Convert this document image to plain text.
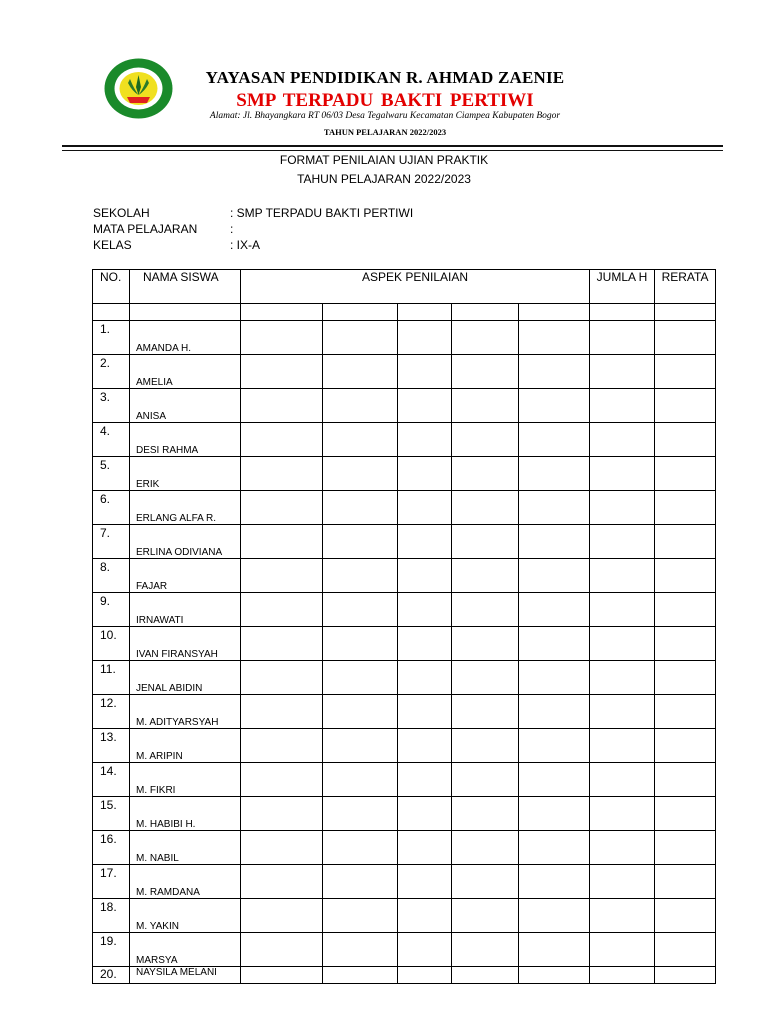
YAYASAN PENDIDIKAN R. AHMAD ZAENIE
SMP TERPADU BAKTI PERTIWI
Alamat: Jl. Bhayangkara RT 06/03 Desa Tegalwaru Kecamatan Ciampea Kabupaten Bogor
TAHUN PELAJARAN 2022/2023
FORMAT PENILAIAN UJIAN PRAKTIK
TAHUN PELAJARAN 2022/2023
SEKOLAH	: SMP TERPADU BAKTI PERTIWI
MATA PELAJARAN	:
KELAS	: IX-A
NO.	NAMA SISWA	ASPEK PENILAIAN					JUMLA H	RERATA

1.	AMANDA H.							
2.	AMELIA							
3.	ANISA							
4.	DESI RAHMA							
5.	ERIK							
6.	ERLANG ALFA R.							
7.	ERLINA ODIVIANA							
8.	FAJAR							
9.	IRNAWATI							
10.	IVAN FIRANSYAH							
11.	JENAL ABIDIN							
12.	M. ADITYARSYAH							
13.	M. ARIPIN							
14.	M. FIKRI							
15.	M. HABIBI H.							
16.	M. NABIL							
17.	M. RAMDANA							
18.	M. YAKIN							
19.	MARSYA							
20.	NAYSILA MELANI							
